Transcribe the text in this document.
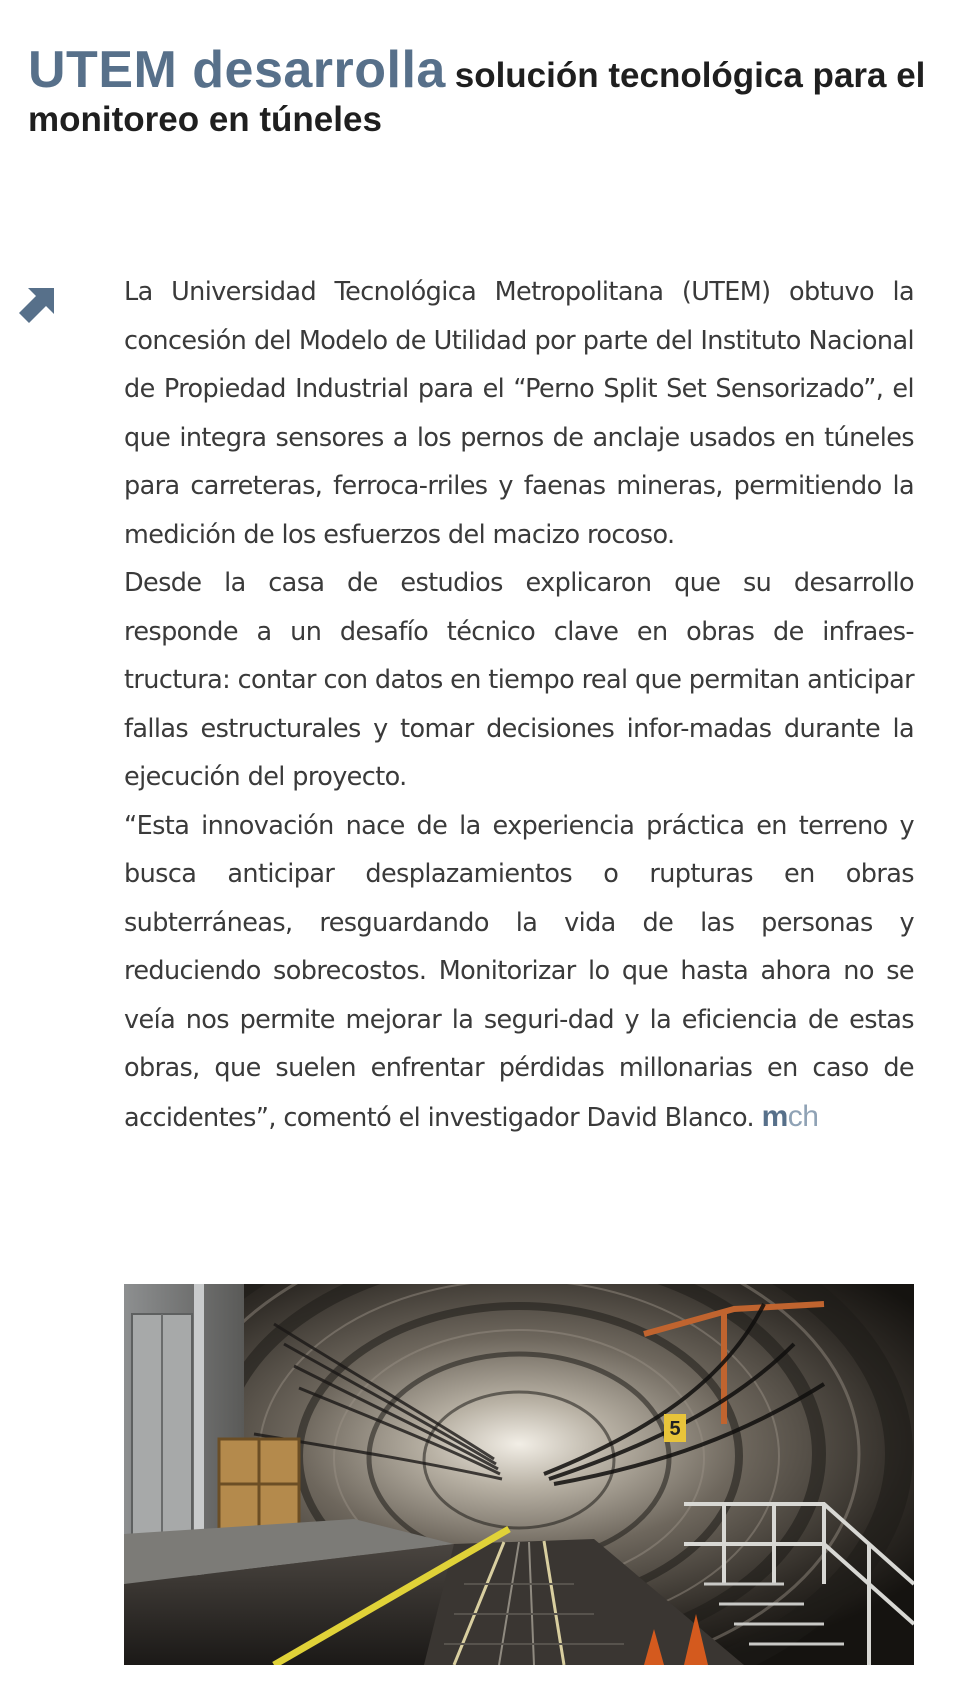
UTEM desarrolla solución tecnológica para el monitoreo en túneles

La Universidad Tecnológica Metropolitana (UTEM) obtuvo la concesión del Modelo de Utilidad por parte del Instituto Nacional de Propiedad Industrial para el “Perno Split Set Sensorizado”, el que integra sensores a los pernos de anclaje usados en túneles para carreteras, ferroca-rriles y faenas mineras, permitiendo la medición de los esfuerzos del macizo rocoso.

Desde la casa de estudios explicaron que su desarrollo responde a un desafío técnico clave en obras de infraes-tructura: contar con datos en tiempo real que permitan anticipar fallas estructurales y tomar decisiones infor-madas durante la ejecución del proyecto.

“Esta innovación nace de la experiencia práctica en terreno y busca anticipar desplazamientos o rupturas en obras subterráneas, resguardando la vida de las personas y reduciendo sobrecostos. Monitorizar lo que hasta ahora no se veía nos permite mejorar la seguri-dad y la eficiencia de estas obras, que suelen enfrentar pérdidas millonarias en caso de accidentes”, comentó el investigador David Blanco. mch

5
